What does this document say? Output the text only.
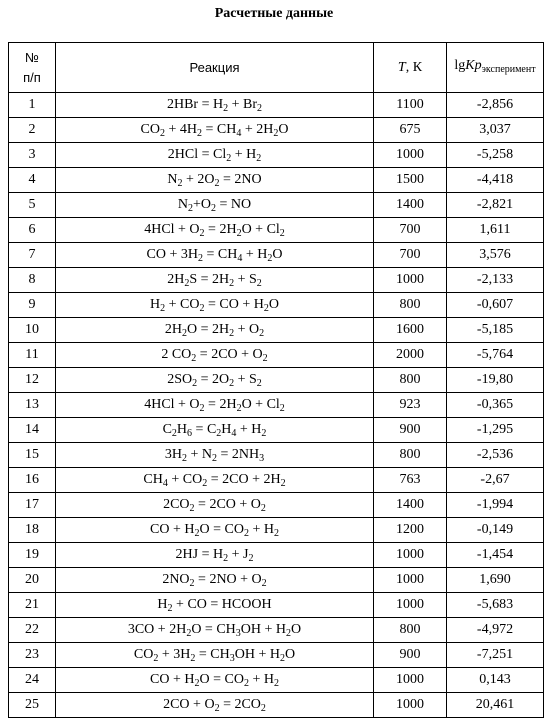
Расчетные данные
№
п/п	Реакция	T, К	lgKp$_{эксперимент}$
1	$2HBr = H_2 + Br_2$	1100	-2,856
2	$CO_2 + 4H_2 = CH_4 + 2H_2O$	675	3,037
3	$2HCl = Cl_2 + H_2$	1000	-5,258
4	$N_2 + 2O_2 = 2NO$	1500	-4,418
5	$N_2+O_2$ = NO	1400	-2,821
6	$4HCl + O_2 = 2H_2O + Cl_2$	700	1,611
7	CO + $3H_2 = CH_4 + H_2O$	700	3,576
8	$2H_2S = 2H_2 + S_2$	1000	-2,133
9	$H_2 + CO_2$ = CO + $H_2O$	800	-0,607
10	$2H_2O = 2H_2 + O_2$	1600	-5,185
11	2 $CO_2 = 2CO + O_2$	2000	-5,764
12	$2SO_2 = 2O_2 + S_2$	800	-19,80
13	$4HCl + O_2 = 2H_2O + Cl_2$	923	-0,365
14	$C_2H_6 = C_2H_4 + H_2$	900	-1,295
15	$3H_2 + N_2 = 2NH_3$	800	-2,536
16	$CH_4 + CO_2 = 2CO + 2H_2$	763	-2,67
17	$2CO_2 = 2CO + O_2$	1400	-1,994
18	CO + $H_2O = CO_2 + H_2$	1200	-0,149
19	$2HJ = H_2 + J_2$	1000	-1,454
20	$2NO_2 = 2NO + O_2$	1000	1,690
21	$H_2$ + CO = HCOOH	1000	-5,683
22	$3CO + 2H_2O = CH_3OH + H_2O$	800	-4,972
23	$CO_2 + 3H_2 = CH_3OH + H_2O$	900	-7,251
24	CO + $H_2O = CO_2 + H_2$	1000	0,143
25	$2CO + O_2 = 2CO_2$	1000	20,461
